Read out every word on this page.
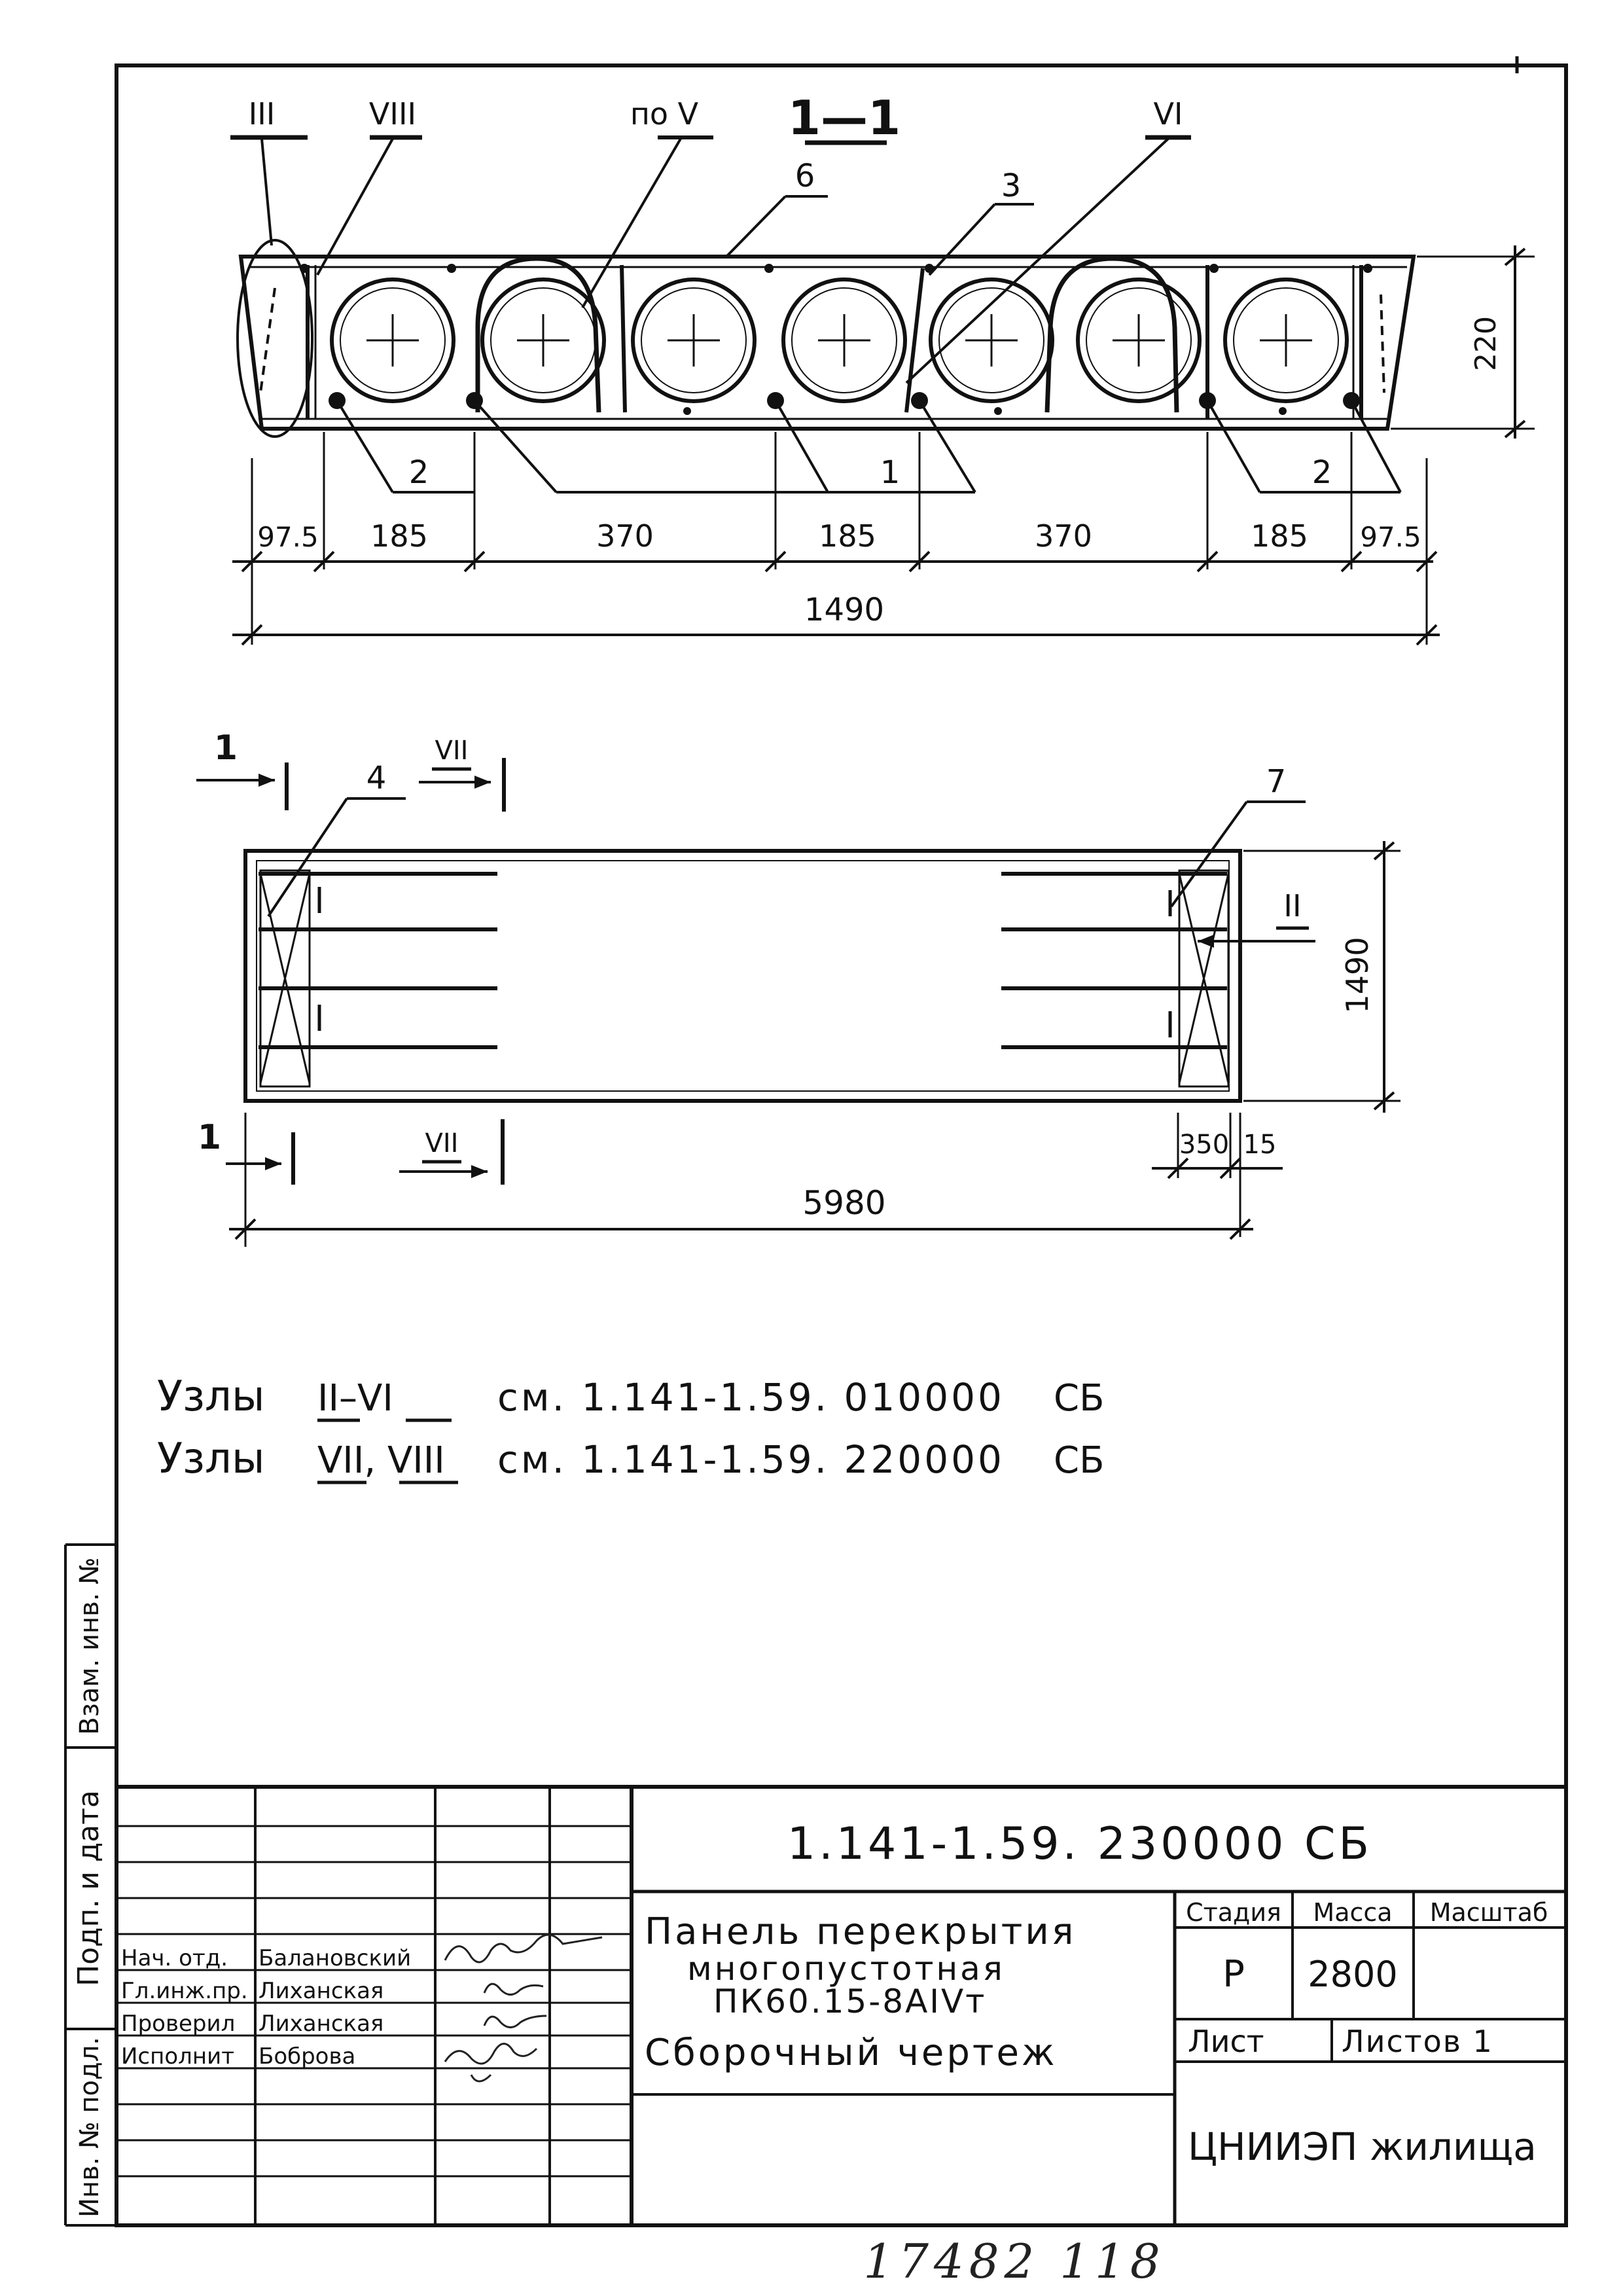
1—1
III	VIII	по V	VI
6	3
2	1	2
220
97.5 185	370	185	370	185 97.5
1490
1
4
VII
7
II
1490
1	VII	350 15
5980
Узлы II–VI	см. 1.141-1.59. 010000 СБ
Узлы VII, VIII см. 1.141-1.59. 220000 СБ
Взам. инв. №
Подп. и дата
Инв. № подл.
1.141-1.59. 230000 СБ
Панель перекрытия
многопустотная
ПК60.15-8АIVт
Сборочный чертеж
Стадия Масса Масштаб
Р 2800
Лист	Листов 1
ЦНИИЭП жилища
Нач. отд. Балановский
Гл.инж.пр. Лиханская
Проверил Лиханская
Исполнит Боброва
17482 118
